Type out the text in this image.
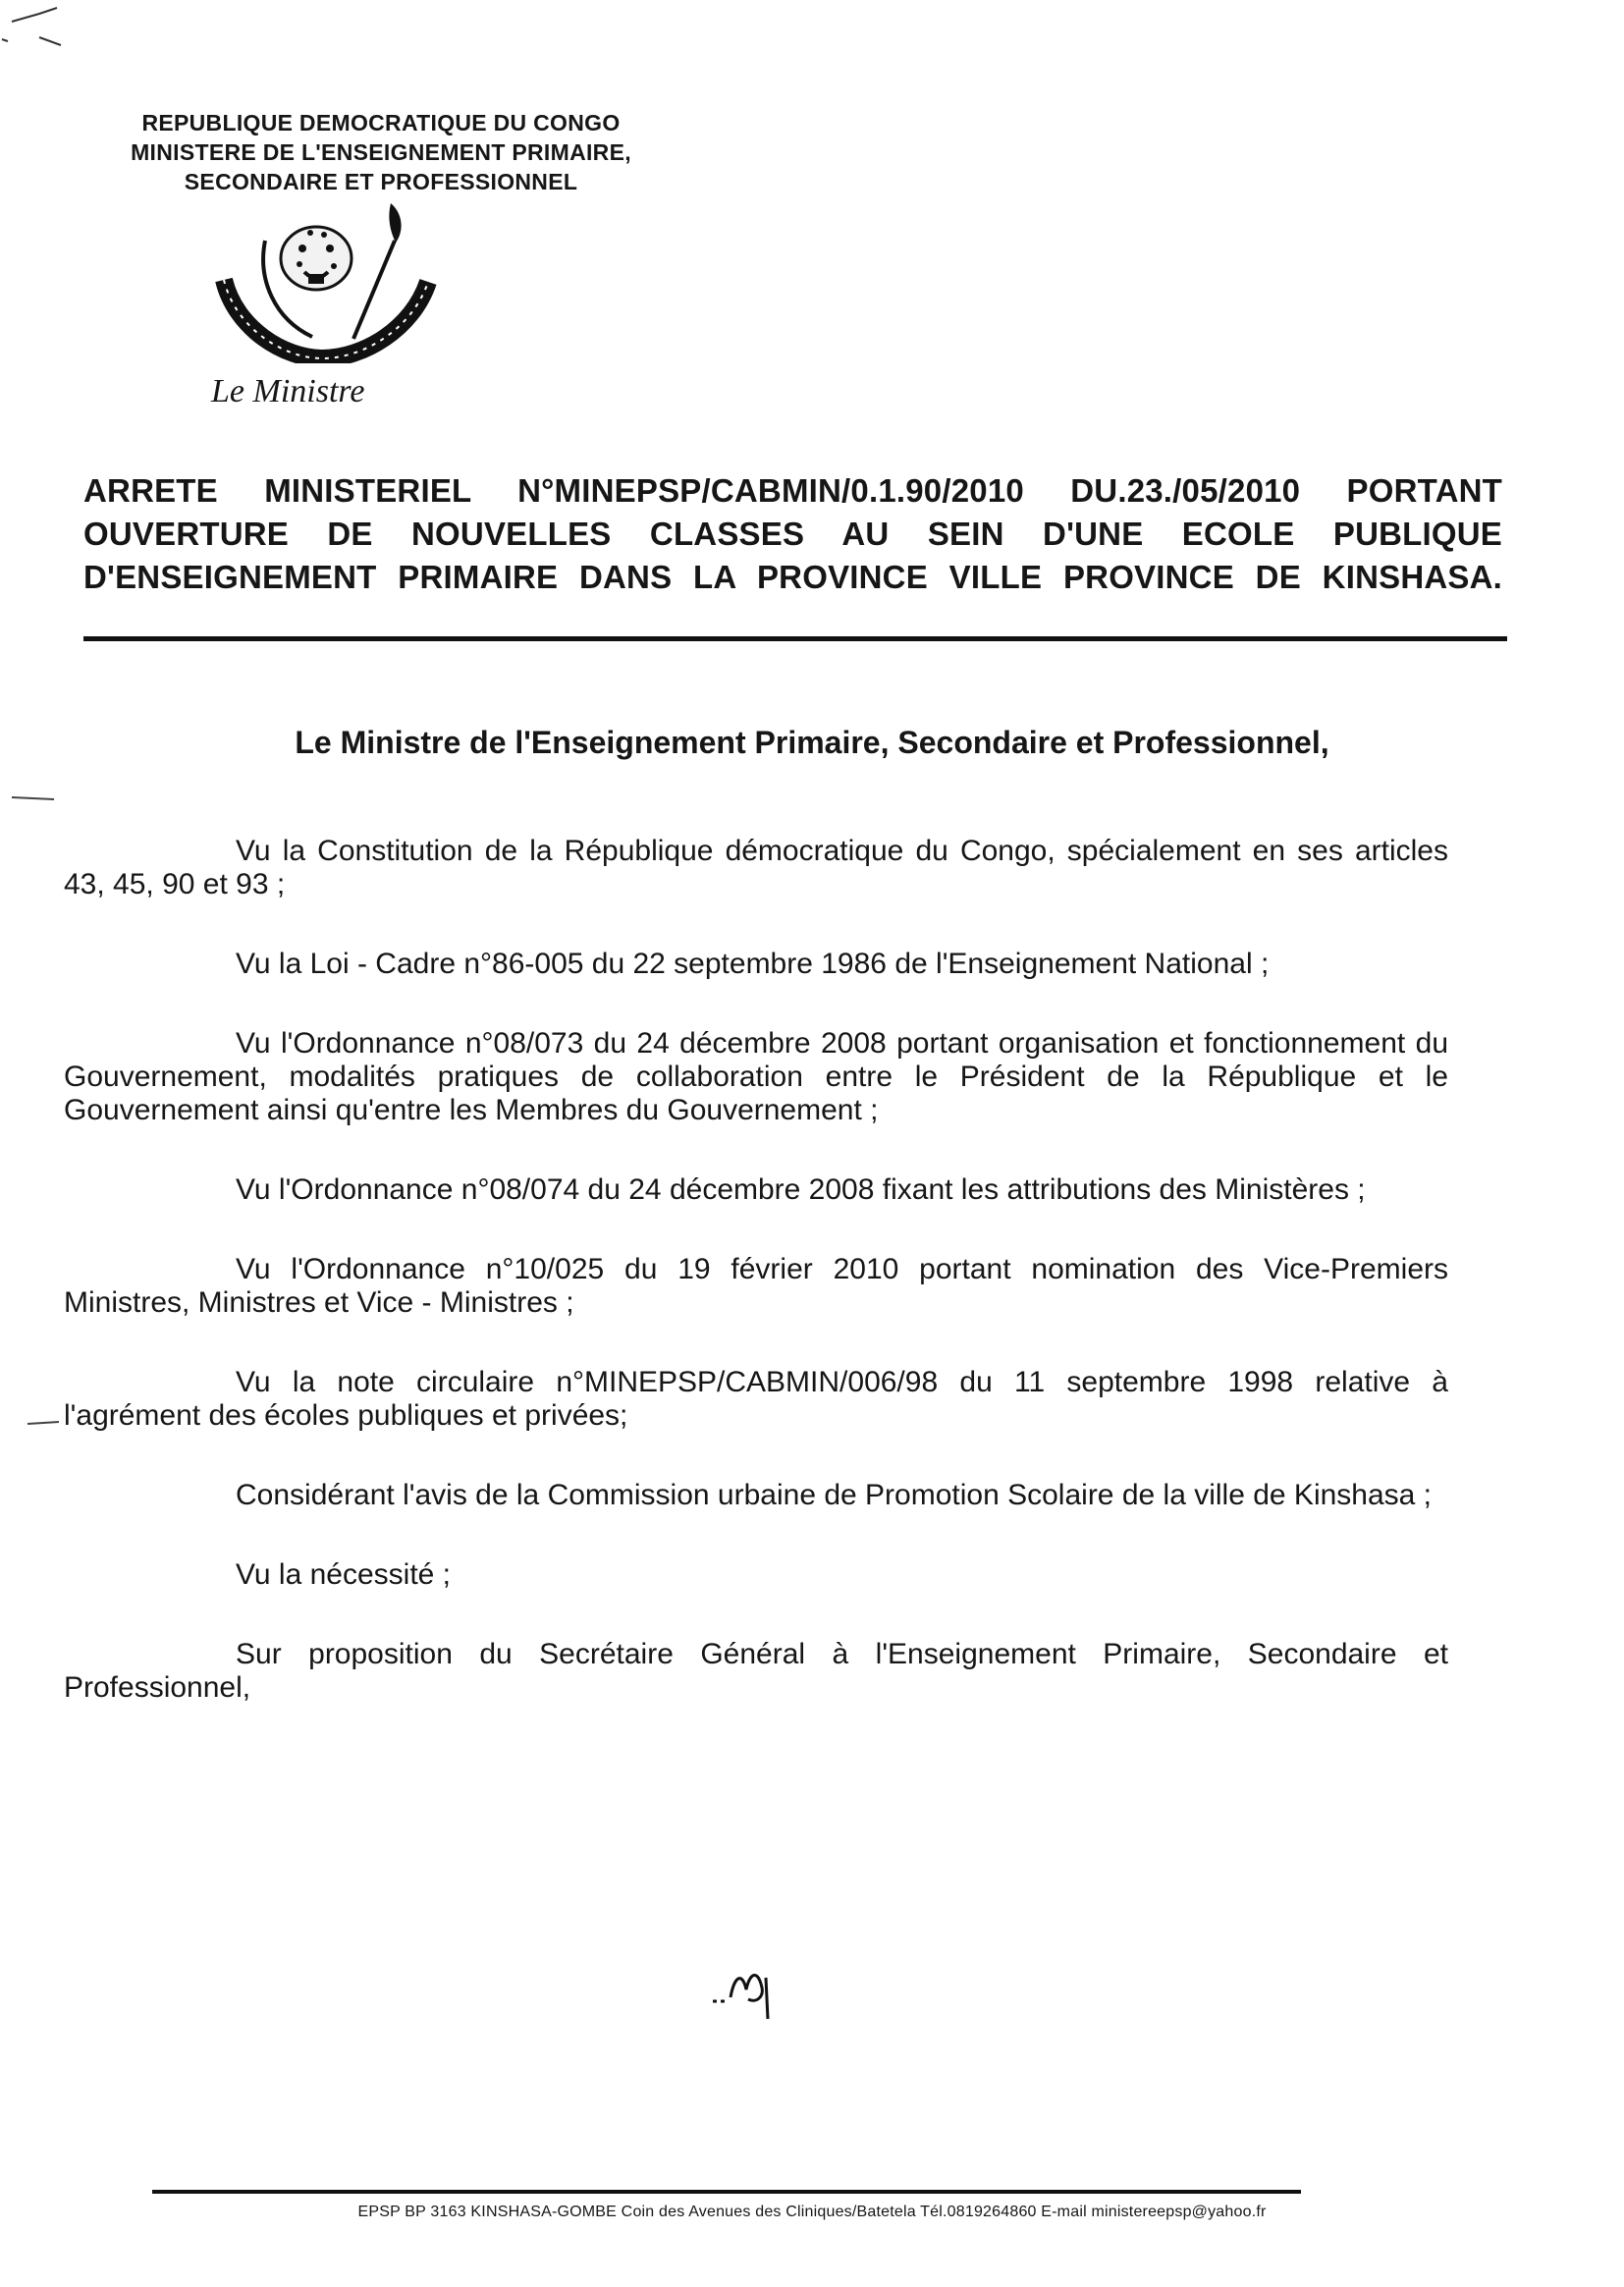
REPUBLIQUE DEMOCRATIQUE DU CONGO
MINISTERE DE L'ENSEIGNEMENT PRIMAIRE,
SECONDAIRE ET PROFESSIONNEL
Le Ministre
ARRETE MINISTERIEL N°MINEPSP/CABMIN/0.1.90/2010 DU.23./05/2010 PORTANT
OUVERTURE DE NOUVELLES CLASSES AU SEIN D'UNE ECOLE PUBLIQUE
D'ENSEIGNEMENT PRIMAIRE DANS LA PROVINCE VILLE PROVINCE DE KINSHASA.
Le Ministre de l'Enseignement Primaire, Secondaire et Professionnel,

Vu la Constitution de la République démocratique du Congo, spécialement en ses articles 43, 45, 90 et 93 ;

Vu la Loi - Cadre n°86-005 du 22 septembre 1986 de l'Enseignement National ;

Vu l'Ordonnance n°08/073 du 24 décembre 2008 portant organisation et fonctionnement du Gouvernement, modalités pratiques de collaboration entre le Président de la République et le Gouvernement ainsi qu'entre les Membres du Gouvernement ;

Vu l'Ordonnance n°08/074 du 24 décembre 2008 fixant les attributions des Ministères ;

Vu l'Ordonnance n°10/025 du 19 février 2010 portant nomination des Vice-Premiers Ministres, Ministres et Vice - Ministres ;

Vu la note circulaire n°MINEPSP/CABMIN/006/98 du 11 septembre 1998 relative à l'agrément des écoles publiques et privées;

Considérant l'avis de la Commission urbaine de Promotion Scolaire de la ville de Kinshasa ;

Vu la nécessité ;

Sur proposition du Secrétaire Général à l'Enseignement Primaire, Secondaire et Professionnel,

EPSP BP 3163 KINSHASA-GOMBE Coin des Avenues des Cliniques/Batetela Tél.0819264860 E-mail ministereepsp@yahoo.fr
